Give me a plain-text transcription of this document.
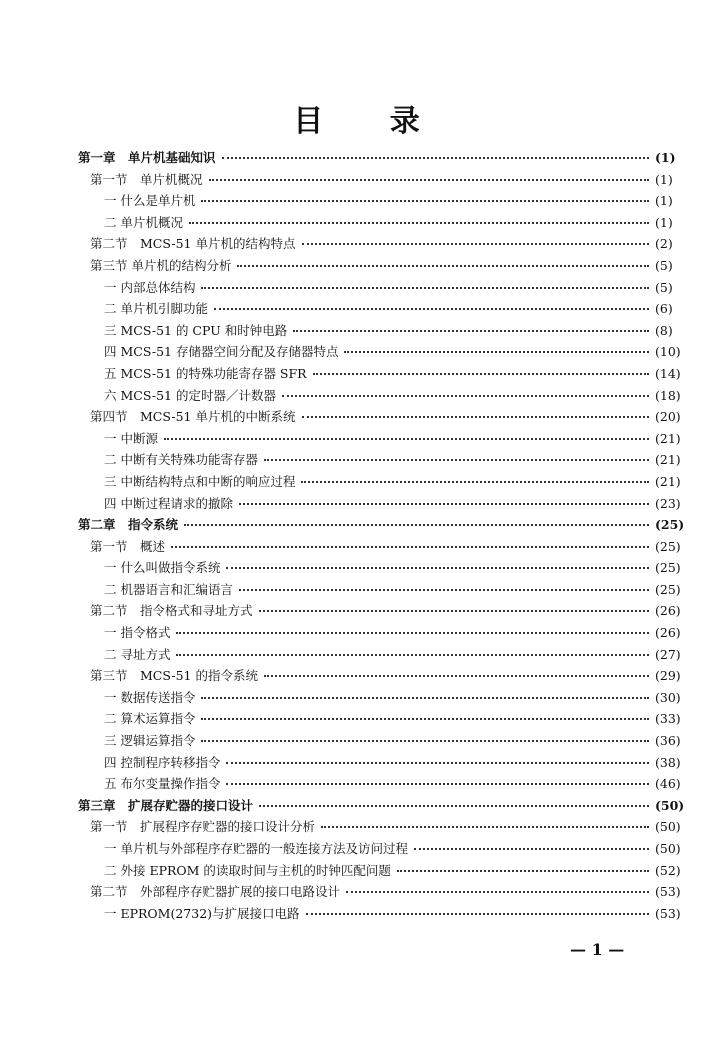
目 录
第一章　单片机基础知识	(1)
第一节　单片机概况	(1)
一 什么是单片机	(1)
二 单片机概况	(1)
第二节　MCS-51 单片机的结构特点	(2)
第三节 单片机的结构分析	(5)
一 内部总体结构	(5)
二 单片机引脚功能	(6)
三 MCS-51 的 CPU 和时钟电路	(8)
四 MCS-51 存储器空间分配及存储器特点	(10)
五 MCS-51 的特殊功能寄存器 SFR	(14)
六 MCS-51 的定时器／计数器	(18)
第四节　MCS-51 单片机的中断系统	(20)
一 中断源	(21)
二 中断有关特殊功能寄存器	(21)
三 中断结构特点和中断的响应过程	(21)
四 中断过程请求的撤除	(23)
第二章　指令系统	(25)
第一节　概述	(25)
一 什么叫做指令系统	(25)
二 机器语言和汇编语言	(25)
第二节　指令格式和寻址方式	(26)
一 指令格式	(26)
二 寻址方式	(27)
第三节　MCS-51 的指令系统	(29)
一 数据传送指令	(30)
二 算术运算指令	(33)
三 逻辑运算指令	(36)
四 控制程序转移指令	(38)
五 布尔变量操作指令	(46)
第三章　扩展存贮器的接口设计	(50)
第一节　扩展程序存贮器的接口设计分析	(50)
一 单片机与外部程序存贮器的一般连接方法及访问过程	(50)
二 外接 EPROM 的读取时间与主机的时钟匹配问题	(52)
第二节　外部程序存贮器扩展的接口电路设计	(53)
一 EPROM(2732)与扩展接口电路	(53)
— 1 —
